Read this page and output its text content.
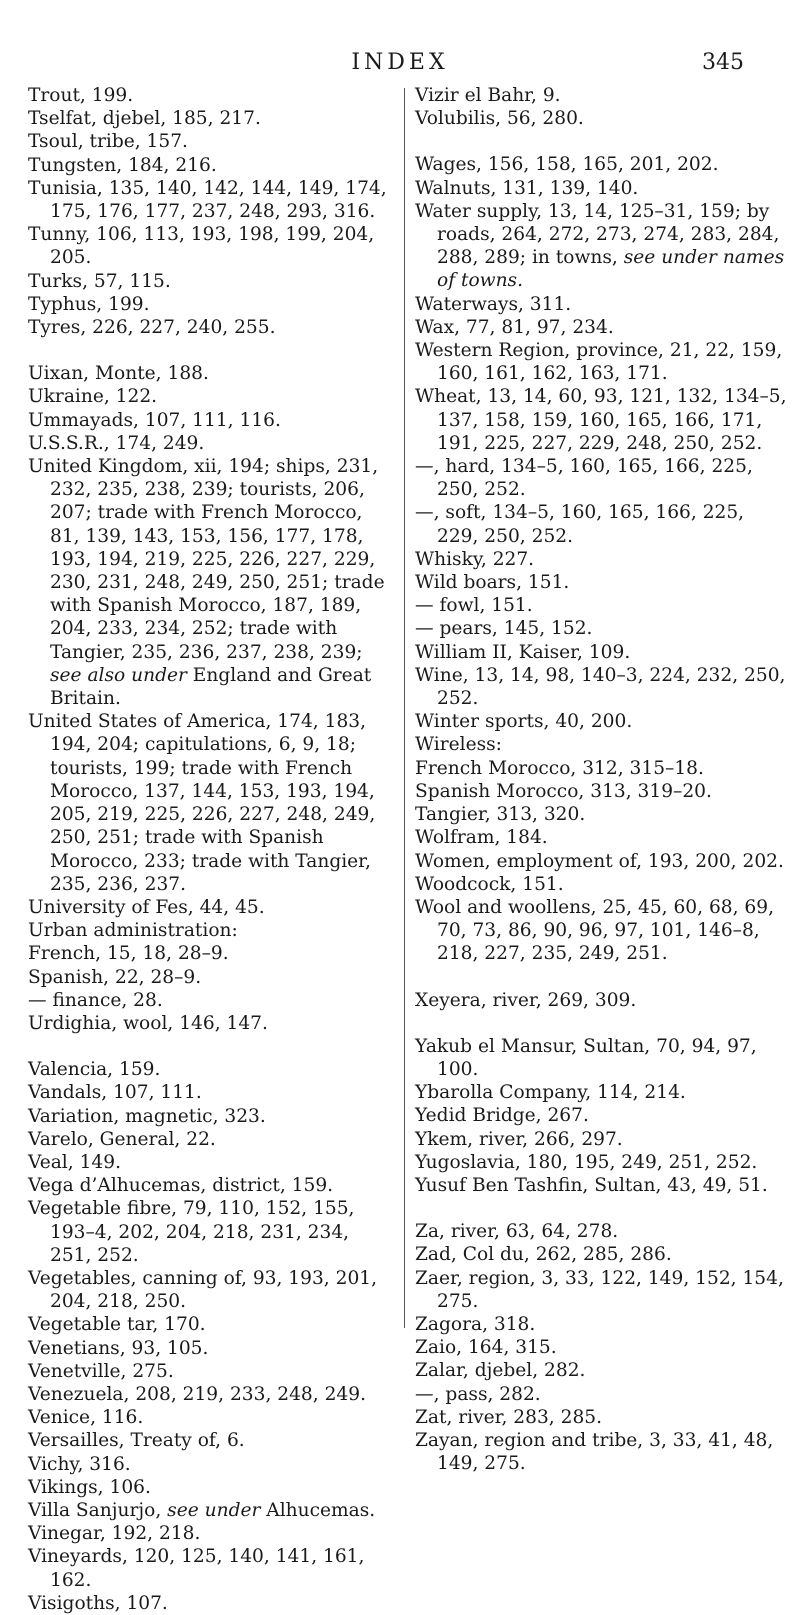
INDEX	345

Trout, 199.

Tselfat, djebel, 185, 217.

Tsoul, tribe, 157.

Tungsten, 184, 216.

Tunisia, 135, 140, 142, 144, 149, 174, 175, 176, 177, 237, 248, 293, 316.

Tunny, 106, 113, 193, 198, 199, 204, 205.

Turks, 57, 115.

Typhus, 199.

Tyres, 226, 227, 240, 255.

Uixan, Monte, 188.

Ukraine, 122.

Ummayads, 107, 111, 116.

U.S.S.R., 174, 249.

United Kingdom, xii, 194; ships, 231, 232, 235, 238, 239; tourists, 206, 207; trade with French Morocco, 81, 139, 143, 153, 156, 177, 178, 193, 194, 219, 225, 226, 227, 229, 230, 231, 248, 249, 250, 251; trade with Spanish Morocco, 187, 189, 204, 233, 234, 252; trade with Tangier, 235, 236, 237, 238, 239; see also under England and Great Britain.

United States of America, 174, 183, 194, 204; capitulations, 6, 9, 18; tourists, 199; trade with French Morocco, 137, 144, 153, 193, 194, 205, 219, 225, 226, 227, 248, 249, 250, 251; trade with Spanish Morocco, 233; trade with Tangier, 235, 236, 237.

University of Fes, 44, 45.

Urban administration:

French, 15, 18, 28–9.

Spanish, 22, 28–9.

— finance, 28.

Urdighia, wool, 146, 147.

Valencia, 159.

Vandals, 107, 111.

Variation, magnetic, 323.

Varelo, General, 22.

Veal, 149.

Vega d’Alhucemas, district, 159.

Vegetable fibre, 79, 110, 152, 155, 193–4, 202, 204, 218, 231, 234, 251, 252.

Vegetables, canning of, 93, 193, 201, 204, 218, 250.

Vegetable tar, 170.

Venetians, 93, 105.

Venetville, 275.

Venezuela, 208, 219, 233, 248, 249.

Venice, 116.

Versailles, Treaty of, 6.

Vichy, 316.

Vikings, 106.

Villa Sanjurjo, see under Alhucemas.

Vinegar, 192, 218.

Vineyards, 120, 125, 140, 141, 161, 162.

Visigoths, 107.

Vizir el Bahr, 9.

Volubilis, 56, 280.

Wages, 156, 158, 165, 201, 202.

Walnuts, 131, 139, 140.

Water supply, 13, 14, 125–31, 159; by roads, 264, 272, 273, 274, 283, 284, 288, 289; in towns, see under names of towns.

Waterways, 311.

Wax, 77, 81, 97, 234.

Western Region, province, 21, 22, 159, 160, 161, 162, 163, 171.

Wheat, 13, 14, 60, 93, 121, 132, 134–5, 137, 158, 159, 160, 165, 166, 171, 191, 225, 227, 229, 248, 250, 252.

—, hard, 134–5, 160, 165, 166, 225, 250, 252.

—, soft, 134–5, 160, 165, 166, 225, 229, 250, 252.

Whisky, 227.

Wild boars, 151.

— fowl, 151.

— pears, 145, 152.

William II, Kaiser, 109.

Wine, 13, 14, 98, 140–3, 224, 232, 250, 252.

Winter sports, 40, 200.

Wireless:

French Morocco, 312, 315–18.

Spanish Morocco, 313, 319–20.

Tangier, 313, 320.

Wolfram, 184.

Women, employment of, 193, 200, 202.

Woodcock, 151.

Wool and woollens, 25, 45, 60, 68, 69, 70, 73, 86, 90, 96, 97, 101, 146–8, 218, 227, 235, 249, 251.

Xeyera, river, 269, 309.

Yakub el Mansur, Sultan, 70, 94, 97, 100.

Ybarolla Company, 114, 214.

Yedid Bridge, 267.

Ykem, river, 266, 297.

Yugoslavia, 180, 195, 249, 251, 252.

Yusuf Ben Tashfin, Sultan, 43, 49, 51.

Za, river, 63, 64, 278.

Zad, Col du, 262, 285, 286.

Zaer, region, 3, 33, 122, 149, 152, 154, 275.

Zagora, 318.

Zaio, 164, 315.

Zalar, djebel, 282.

—, pass, 282.

Zat, river, 283, 285.

Zayan, region and tribe, 3, 33, 41, 48, 149, 275.
